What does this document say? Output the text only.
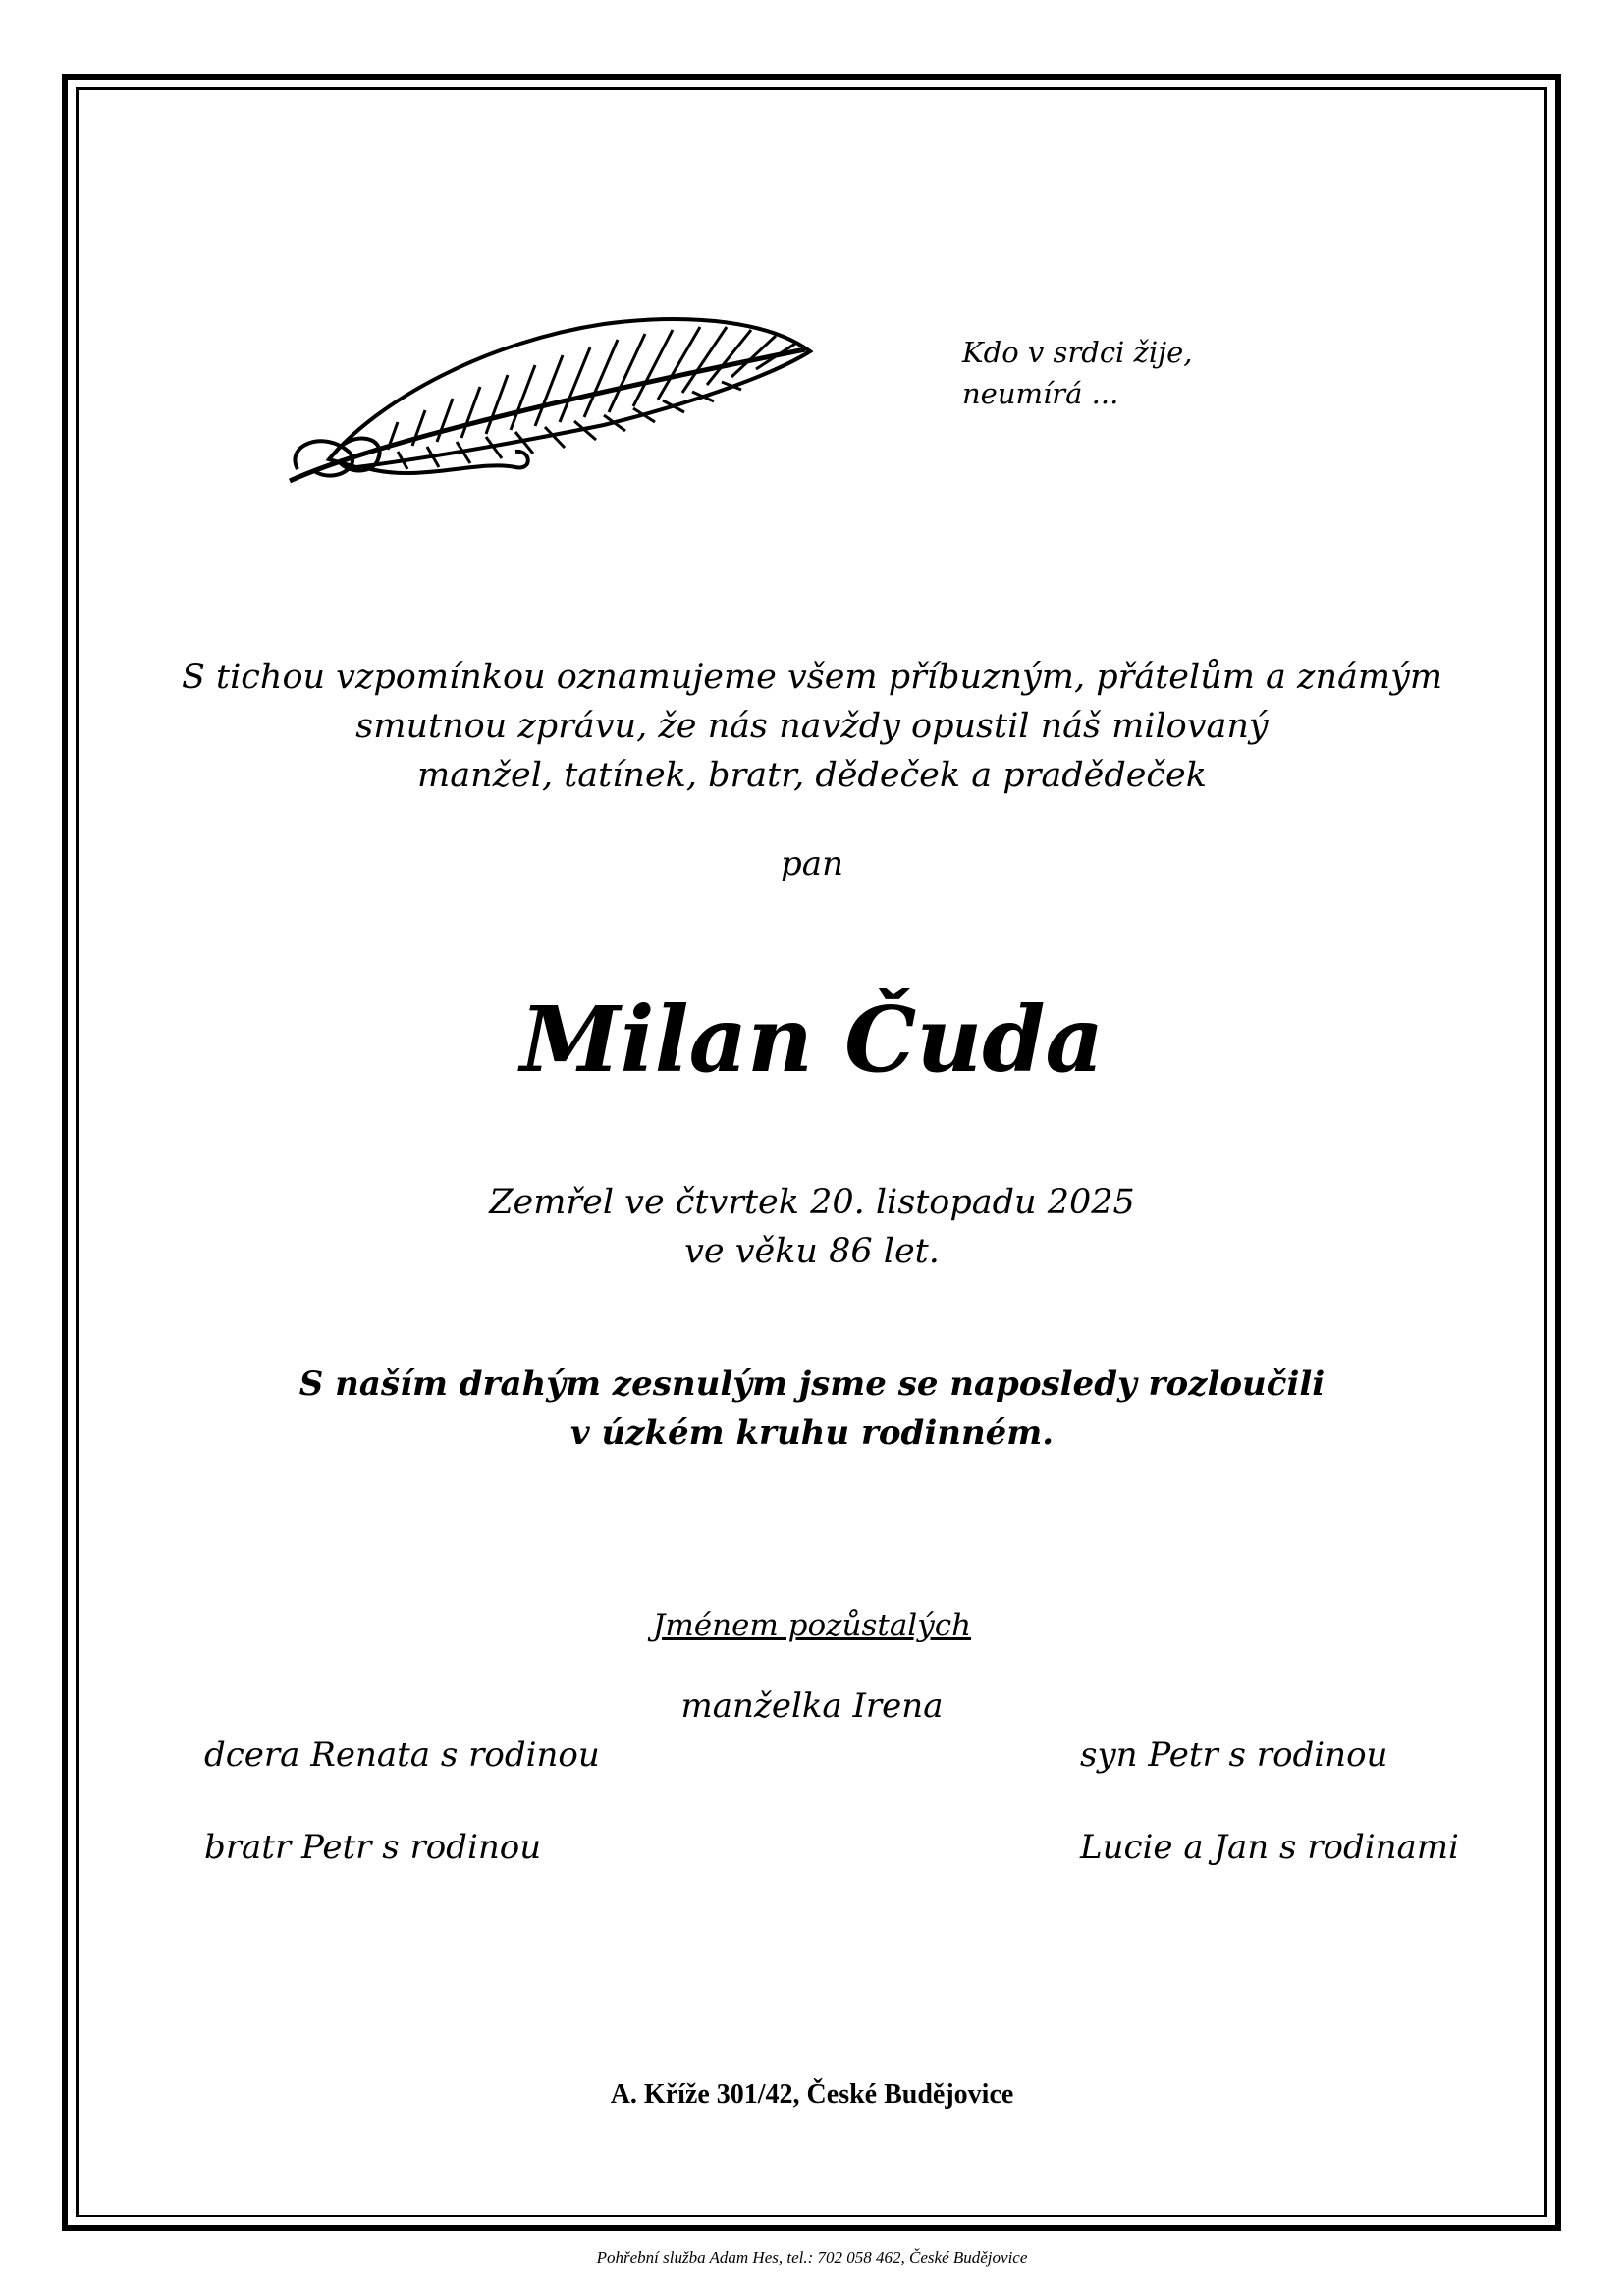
Kdo v srdci žije,
neumírá ...
S tichou vzpomínkou oznamujeme všem příbuzným, přátelům a známým
smutnou zprávu, že nás navždy opustil náš milovaný
manžel, tatínek, bratr, dědeček a pradědeček
pan
Milan Čuda
Zemřel ve čtvrtek 20. listopadu 2025
ve věku 86 let.
S naším drahým zesnulým jsme se naposledy rozloučili
v úzkém kruhu rodinném.
Jménem pozůstalých
manželka Irena
dcera Renata s rodinou
bratr Petr s rodinou
syn Petr s rodinou
Lucie a Jan s rodinami
A. Kříže 301/42, České Budějovice
Pohřební služba Adam Hes, tel.: 702 058 462, České Budějovice
